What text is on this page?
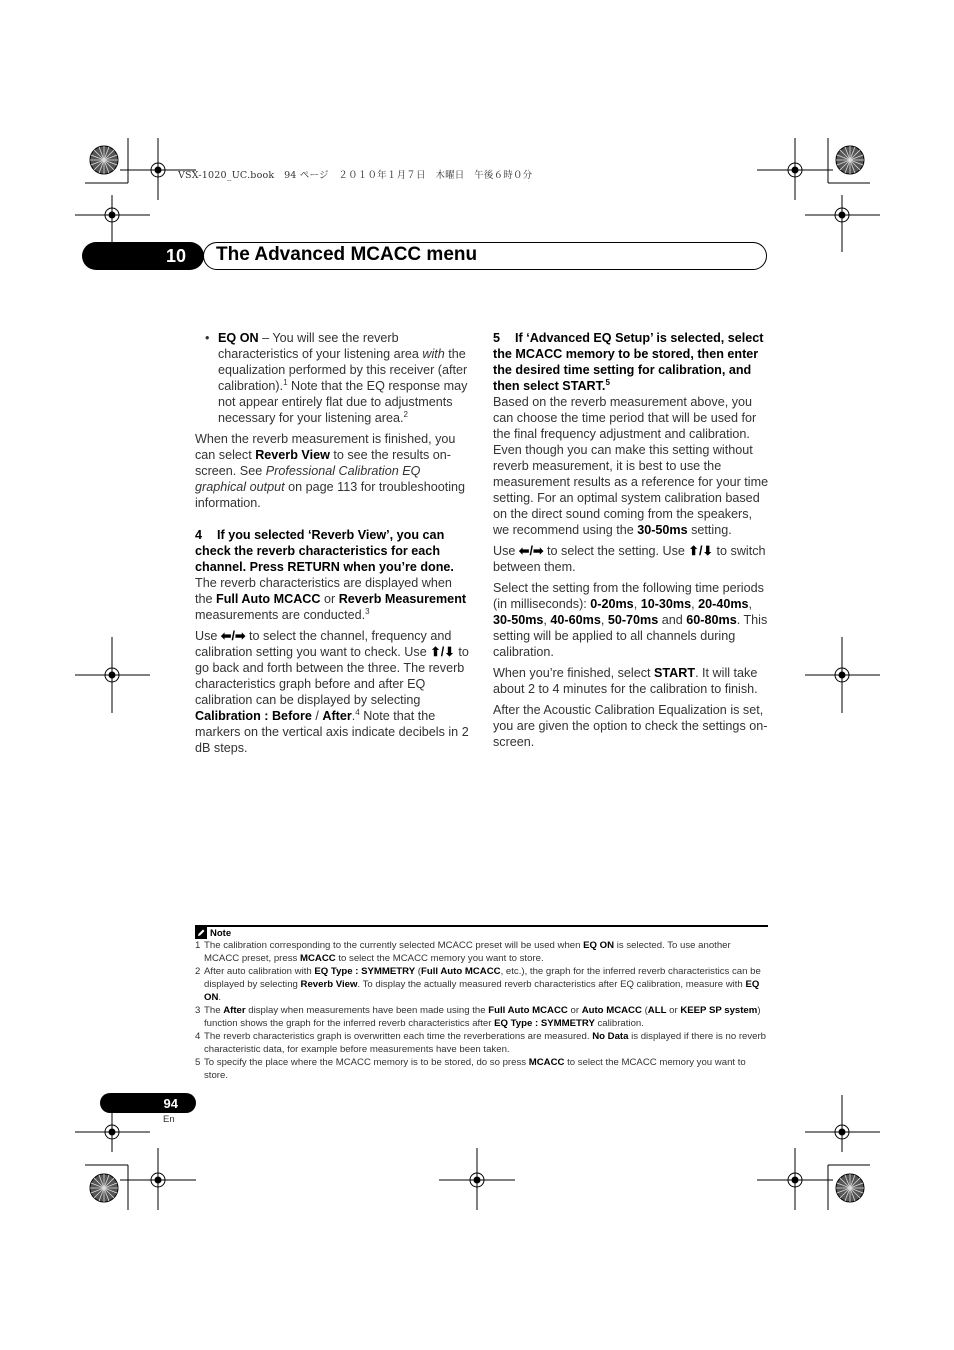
VSX-1020_UC.book　94 ページ　２０１０年１月７日　木曜日　午後６時０分
10	The Advanced MCACC menu

• EQ ON – You will see the reverb characteristics of your listening area with the equalization performed by this receiver (after calibration).$^1$ Note that the EQ response may not appear entirely flat due to adjustments necessary for your listening area.$^2$

When the reverb measurement is finished, you can select Reverb View to see the results on-screen. See Professional Calibration EQ graphical output on page 113 for troubleshooting information.

4 If you selected ‘Reverb View’, you can check the reverb characteristics for each channel. Press RETURN when you’re done.

The reverb characteristics are displayed when the Full Auto MCACC or Reverb Measurement measurements are conducted.$^3$

Use ⬅/➡ to select the channel, frequency and calibration setting you want to check. Use ⬆/⬇ to go back and forth between the three. The reverb characteristics graph before and after EQ calibration can be displayed by selecting Calibration : Before / After.$^4$ Note that the markers on the vertical axis indicate decibels in 2 dB steps.

5 If ‘Advanced EQ Setup’ is selected, select the MCACC memory to be stored, then enter the desired time setting for calibration, and then select START.$^5$

Based on the reverb measurement above, you can choose the time period that will be used for the final frequency adjustment and calibration. Even though you can make this setting without reverb measurement, it is best to use the measurement results as a reference for your time setting. For an optimal system calibration based on the direct sound coming from the speakers, we recommend using the 30-50ms setting.

Use ⬅/➡ to select the setting. Use ⬆/⬇ to switch between them.

Select the setting from the following time periods (in milliseconds): 0-20ms, 10-30ms, 20-40ms, 30-50ms, 40-60ms, 50-70ms and 60-80ms. This setting will be applied to all channels during calibration.

When you’re finished, select START. It will take about 2 to 4 minutes for the calibration to finish.

After the Acoustic Calibration Equalization is set, you are given the option to check the settings on-screen.

Note
1 The calibration corresponding to the currently selected MCACC preset will be used when EQ ON is selected. To use another MCACC preset, press MCACC to select the MCACC memory you want to store.
2 After auto calibration with EQ Type : SYMMETRY (Full Auto MCACC, etc.), the graph for the inferred reverb characteristics can be displayed by selecting Reverb View. To display the actually measured reverb characteristics after EQ calibration, measure with EQ ON.
3 The After display when measurements have been made using the Full Auto MCACC or Auto MCACC (ALL or KEEP SP system) function shows the graph for the inferred reverb characteristics after EQ Type : SYMMETRY calibration.
4 The reverb characteristics graph is overwritten each time the reverberations are measured. No Data is displayed if there is no reverb characteristic data, for example before measurements have been taken.
5 To specify the place where the MCACC memory is to be stored, do so press MCACC to select the MCACC memory you want to store.
94
En
